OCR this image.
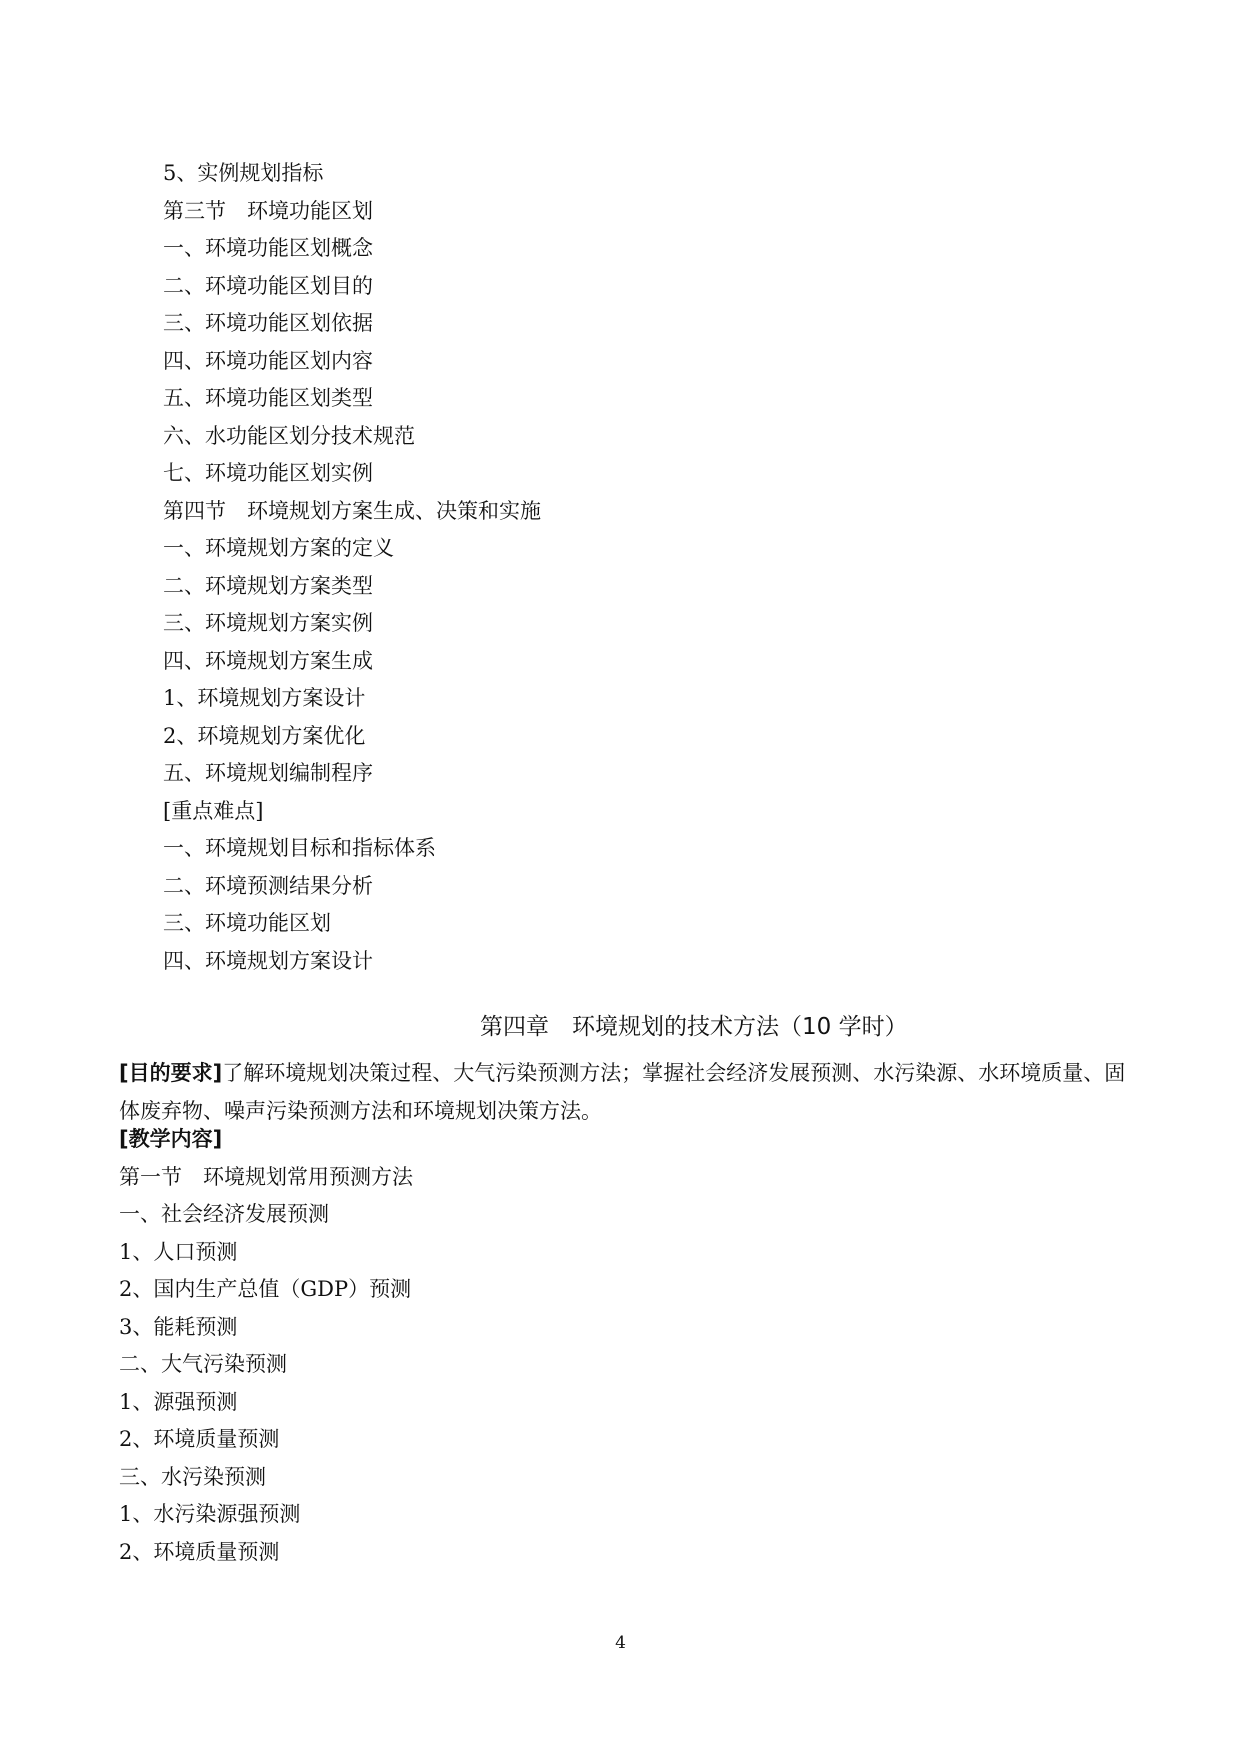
5、实例规划指标
第三节　环境功能区划
一、环境功能区划概念
二、环境功能区划目的
三、环境功能区划依据
四、环境功能区划内容
五、环境功能区划类型
六、水功能区划分技术规范
七、环境功能区划实例
第四节　环境规划方案生成、决策和实施
一、环境规划方案的定义
二、环境规划方案类型
三、环境规划方案实例
四、环境规划方案生成
1、环境规划方案设计
2、环境规划方案优化
五、环境规划编制程序
[重点难点]
一、环境规划目标和指标体系
二、环境预测结果分析
三、环境功能区划
四、环境规划方案设计
第四章　环境规划的技术方法（10 学时）
[目的要求]了解环境规划决策过程、大气污染预测方法；掌握社会经济发展预测、水污染源、水环境质量、固体废弃物、噪声污染预测方法和环境规划决策方法。
[教学内容]
第一节　环境规划常用预测方法
一、社会经济发展预测
1、人口预测
2、国内生产总值（GDP）预测
3、能耗预测
二、大气污染预测
1、源强预测
2、环境质量预测
三、水污染预测
1、水污染源强预测
2、环境质量预测
4
